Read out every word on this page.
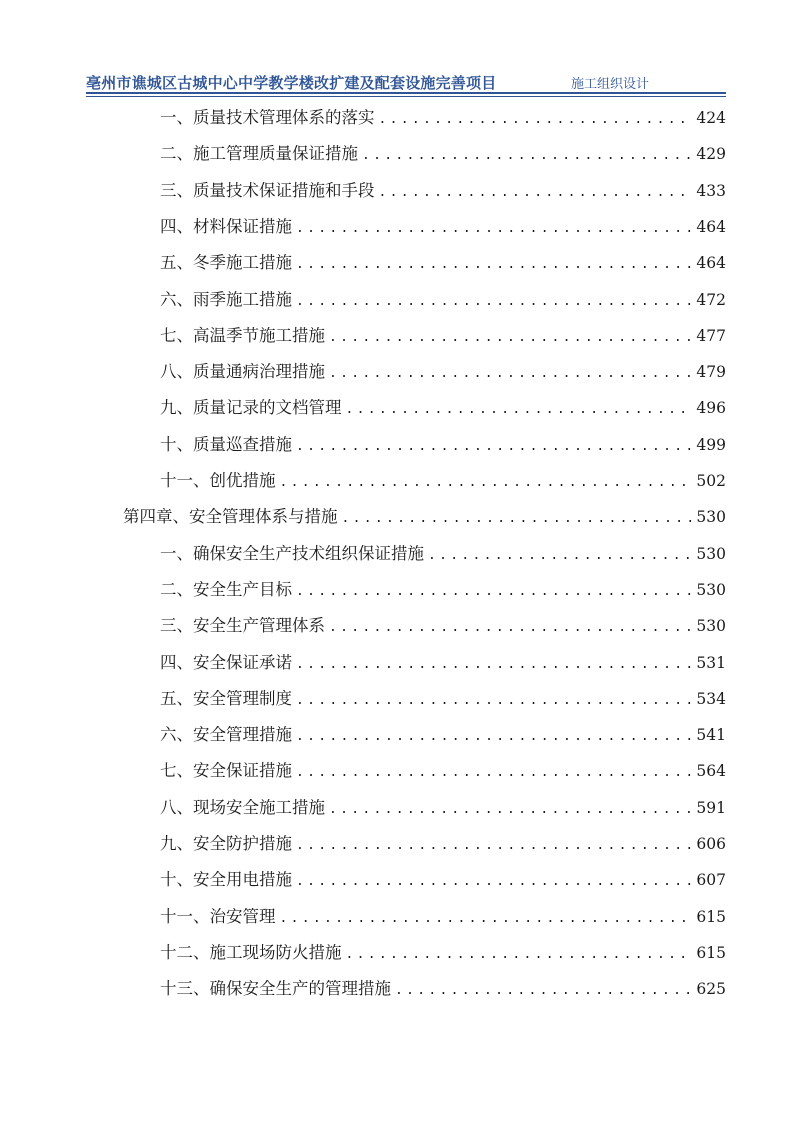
亳州市谯城区古城中心中学教学楼改扩建及配套设施完善项目	施工组织设计
一、质量技术管理体系的落实 .....	424
二、施工管理质量保证措施 .....	429
三、质量技术保证措施和手段 .....	433
四、材料保证措施 .....	464
五、冬季施工措施 .....	464
六、雨季施工措施 .....	472
七、高温季节施工措施 .....	477
八、质量通病治理措施 .....	479
九、质量记录的文档管理 .....	496
十、质量巡查措施 .....	499
十一、创优措施 .....	502
第四章、安全管理体系与措施 .....	530
一、确保安全生产技术组织保证措施 .....	530
二、安全生产目标 .....	530
三、安全生产管理体系 .....	530
四、安全保证承诺 .....	531
五、安全管理制度 .....	534
六、安全管理措施 .....	541
七、安全保证措施 .....	564
八、现场安全施工措施 .....	591
九、安全防护措施 .....	606
十、安全用电措施 .....	607
十一、治安管理 .....	615
十二、施工现场防火措施 .....	615
十三、确保安全生产的管理措施 .....	625
